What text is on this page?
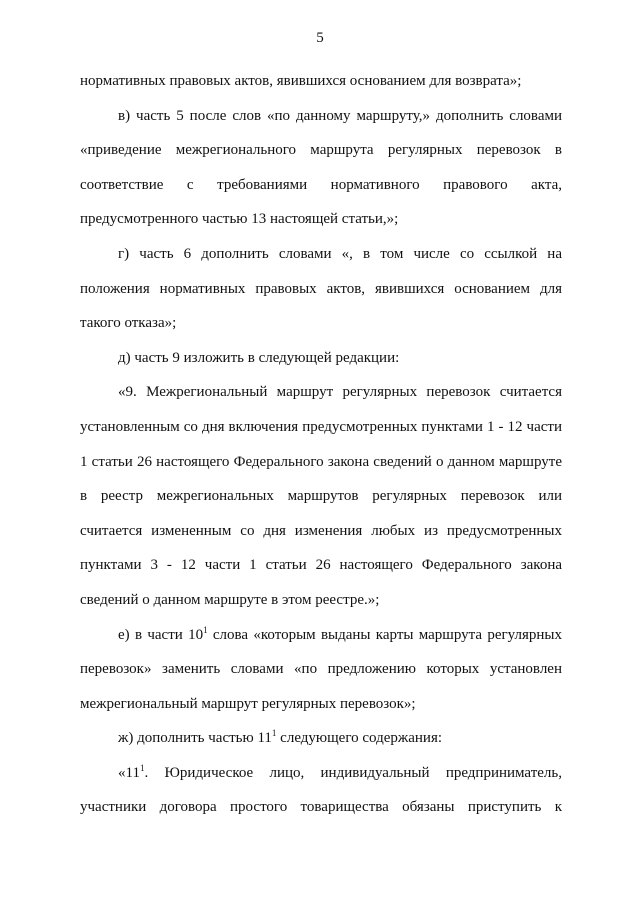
5

нормативных правовых актов, явившихся основанием для возврата»;

в) часть 5 после слов «по данному маршруту,» дополнить словами «приведение межрегионального маршрута регулярных перевозок в соответствие с требованиями нормативного правового акта, предусмотренного частью 13 настоящей статьи,»;

г) часть 6 дополнить словами «, в том числе со ссылкой на положения нормативных правовых актов, явившихся основанием для такого отказа»;

д) часть 9 изложить в следующей редакции:

«9. Межрегиональный маршрут регулярных перевозок считается установленным со дня включения предусмотренных пунктами 1 - 12 части 1 статьи 26 настоящего Федерального закона сведений о данном маршруте в реестр межрегиональных маршрутов регулярных перевозок или считается измененным со дня изменения любых из предусмотренных пунктами 3 - 12 части 1 статьи 26 настоящего Федерального закона сведений о данном маршруте в этом реестре.»;

е) в части $10^1$ слова «которым выданы карты маршрута регулярных перевозок» заменить словами «по предложению которых установлен межрегиональный маршрут регулярных перевозок»;

ж) дополнить частью $11^1$ следующего содержания:

«$11^1$. Юридическое лицо, индивидуальный предприниматель, участники договора простого товарищества обязаны приступить к
